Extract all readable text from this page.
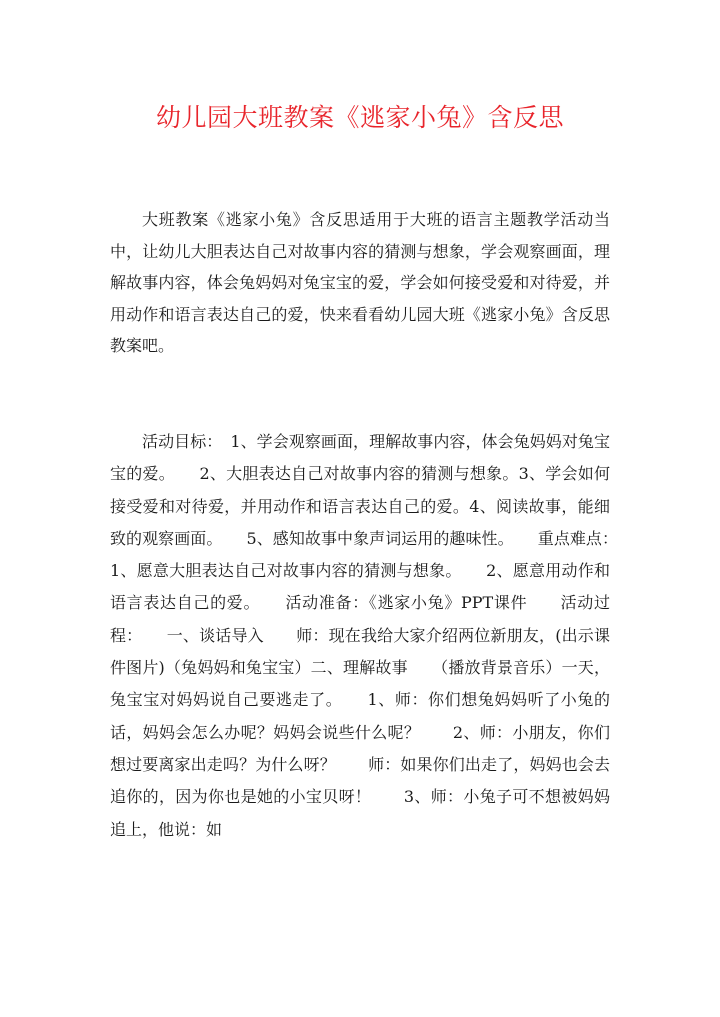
幼儿园大班教案《逃家小兔》含反思

大班教案《逃家小兔》含反思适用于大班的语言主题教学活动当中，让幼儿大胆表达自己对故事内容的猜测与想象，学会观察画面，理解故事内容，体会兔妈妈对兔宝宝的爱，学会如何接受爱和对待爱，并用动作和语言表达自己的爱，快来看看幼儿园大班《逃家小兔》含反思教案吧。

活动目标：　1、学会观察画面，理解故事内容，体会兔妈妈对兔宝宝的爱。　　2、大胆表达自己对故事内容的猜测与想象。3、学会如何接受爱和对待爱，并用动作和语言表达自己的爱。4、阅读故事，能细致的观察画面。　　5、感知故事中象声词运用的趣味性。　　重点难点：　　1、愿意大胆表达自己对故事内容的猜测与想象。　　2、愿意用动作和语言表达自己的爱。　　活动准备：《逃家小兔》PPT课件　　活动过程：　　一、谈话导入　　师：现在我给大家介绍两位新朋友，(出示课件图片)（兔妈妈和兔宝宝）二、理解故事　　（播放背景音乐）一天，兔宝宝对妈妈说自己要逃走了。　　1、师：你们想兔妈妈听了小兔的话，妈妈会怎么办呢？妈妈会说些什么呢？　　2、师：小朋友，你们想过要离家出走吗？为什么呀？　　师：如果你们出走了，妈妈也会去追你的，因为你也是她的小宝贝呀！　　3、师：小兔子可不想被妈妈追上，他说：如
